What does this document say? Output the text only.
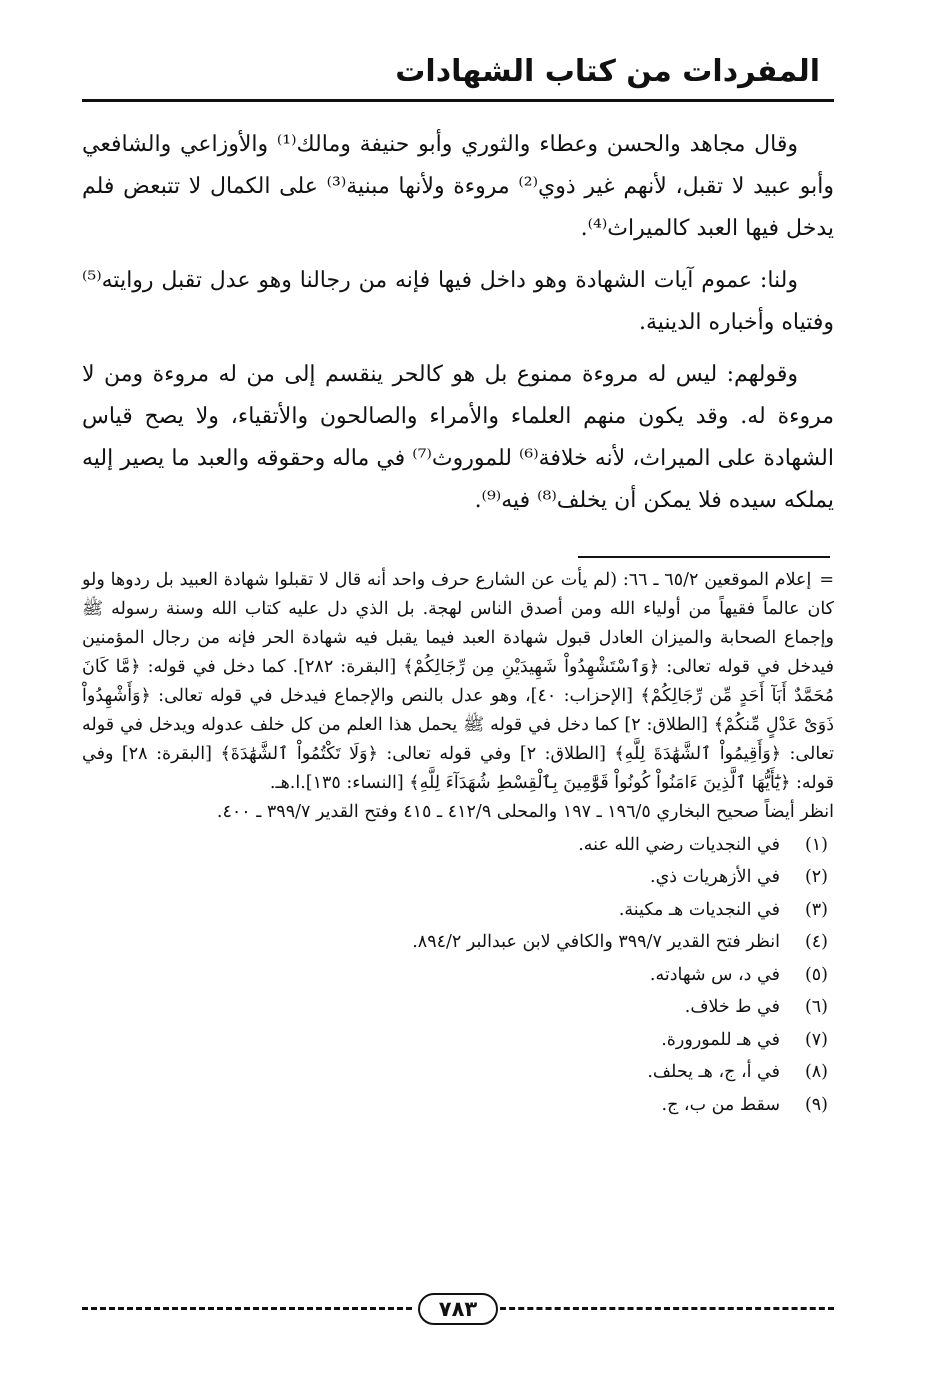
المفردات من كتاب الشهادات

وقال مجاهد والحسن وعطاء والثوري وأبو حنيفة ومالك⁽¹⁾ والأوزاعي والشافعي وأبو عبيد لا تقبل، لأنهم غير ذوي⁽²⁾ مروءة ولأنها مبنية⁽³⁾ على الكمال لا تتبعض فلم يدخل فيها العبد كالميراث⁽⁴⁾.

ولنا: عموم آيات الشهادة وهو داخل فيها فإنه من رجالنا وهو عدل تقبل روايته⁽⁵⁾ وفتياه وأخباره الدينية.

وقولهم: ليس له مروءة ممنوع بل هو كالحر ينقسم إلى من له مروءة ومن لا مروءة له. وقد يكون منهم العلماء والأمراء والصالحون والأتقياء، ولا يصح قياس الشهادة على الميراث، لأنه خلافة⁽⁶⁾ للموروث⁽⁷⁾ في ماله وحقوقه والعبد ما يصير إليه يملكه سيده فلا يمكن أن يخلف⁽⁸⁾ فيه⁽⁹⁾.

=إعلام الموقعين ٦٥/٢ ـ ٦٦: (لم يأت عن الشارع حرف واحد أنه قال لا تقبلوا شهادة العبيد بل ردوها ولو كان عالماً فقيهاً من أولياء الله ومن أصدق الناس لهجة. بل الذي دل عليه كتاب الله وسنة رسوله ﷺ وإجماع الصحابة والميزان العادل قبول شهادة العبد فيما يقبل فيه شهادة الحر فإنه من رجال المؤمنين فيدخل في قوله تعالى: ﴿وَٱسْتَشْهِدُواْ شَهِيدَيْنِ مِن رِّجَالِكُمْ﴾ [البقرة: ٢٨٢]. كما دخل في قوله: ﴿مَّا كَانَ مُحَمَّدٌ أَبَآ أَحَدٍ مِّن رِّجَالِكُمْ﴾ [الإحزاب: ٤٠]، وهو عدل بالنص والإجماع فيدخل في قوله تعالى: ﴿وَأَشْهِدُواْ ذَوَىْ عَدْلٍ مِّنكُمْ﴾ [الطلاق: ٢] كما دخل في قوله ﷺ يحمل هذا العلم من كل خلف عدوله ويدخل في قوله تعالى: ﴿وَأَقِيمُواْ ٱلشَّهَٰدَةَ لِلَّهِ﴾ [الطلاق: ٢] وفي قوله تعالى: ﴿وَلَا تَكْتُمُواْ ٱلشَّهَٰدَةَ﴾ [البقرة: ٢٨] وفي قوله: ﴿يَٰٓأَيُّهَا ٱلَّذِينَ ءَامَنُواْ كُونُواْ قَوَّٰمِينَ بِٱلْقِسْطِ شُهَدَآءَ لِلَّهِ﴾ [النساء: ١٣٥].ا.هـ.

انظر أيضاً صحيح البخاري ١٩٦/٥ ـ ١٩٧ والمحلى ٤١٢/٩ ـ ٤١٥ وفتح القدير ٣٩٩/٧ ـ ٤٠٠.

(١)
في النجديات رضي الله عنه.

(٢)
في الأزهريات ذي.

(٣)
في النجديات هـ مكينة.

(٤)
انظر فتح القدير ٣٩٩/٧ والكافي لابن عبدالبر ٨٩٤/٢.

(٥)
في د، س شهادته.

(٦)
في ط خلاف.

(٧)
في هـ للمورورة.

(٨)
في أ، ج، هـ يحلف.

(٩)
سقط من ب، ج.

٧٨٣
